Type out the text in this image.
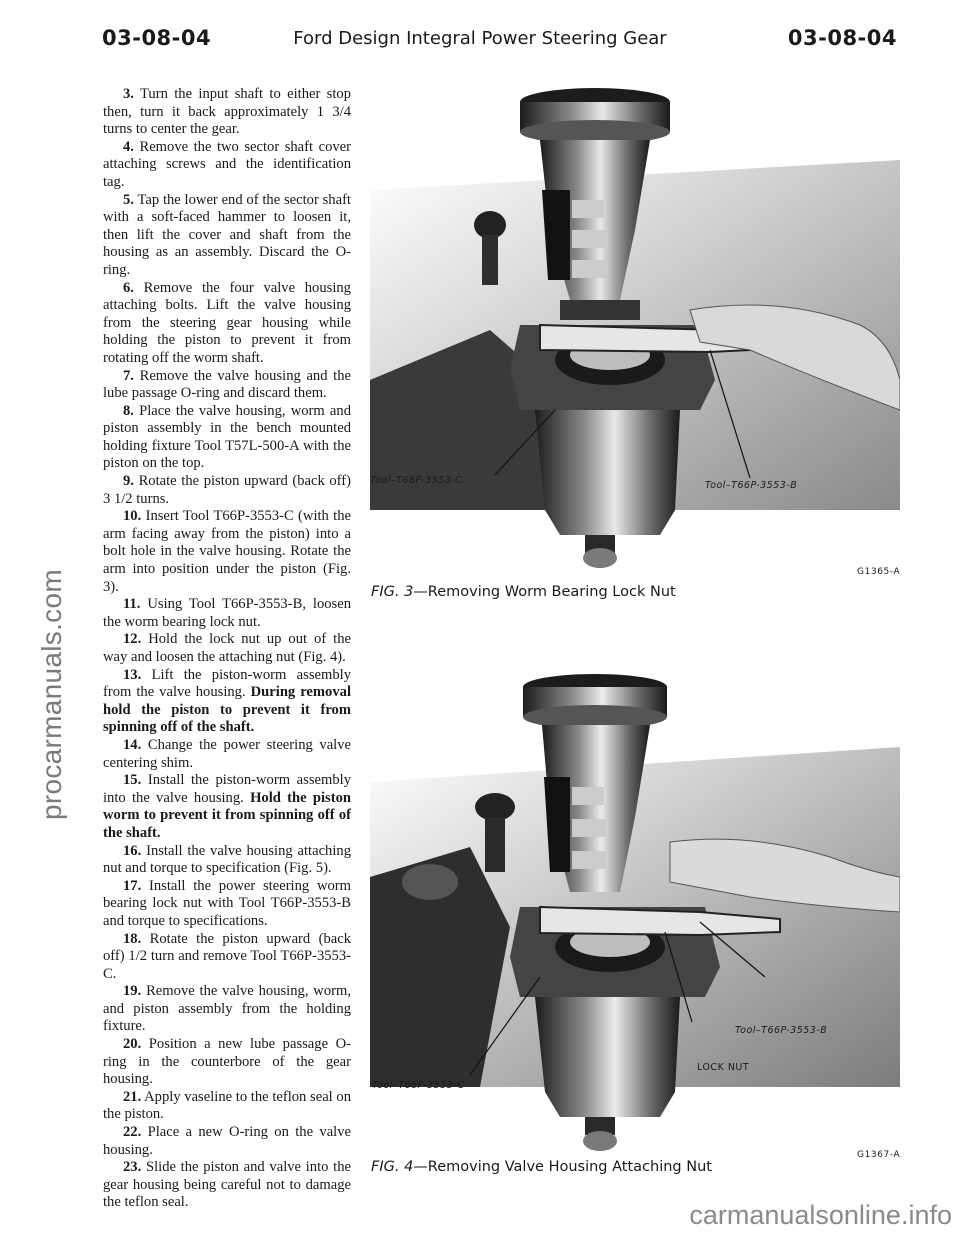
03-08-04	Ford Design Integral Power Steering Gear	03-08-04
procarmanuals.com

3. Turn the input shaft to either stop then, turn it back approximately 1 3/4 turns to center the gear.

4. Remove the two sector shaft cover attaching screws and the identification tag.

5. Tap the lower end of the sector shaft with a soft-faced hammer to loosen it, then lift the cover and shaft from the housing as an assembly. Discard the O-ring.

6. Remove the four valve housing attaching bolts. Lift the valve housing from the steering gear housing while holding the piston to prevent it from rotating off the worm shaft.

7. Remove the valve housing and the lube passage O-ring and discard them.

8. Place the valve housing, worm and piston assembly in the bench mounted holding fixture Tool T57L-500-A with the piston on the top.

9. Rotate the piston upward (back off) 3 1/2 turns.

10. Insert Tool T66P-3553-C (with the arm facing away from the piston) into a bolt hole in the valve housing. Rotate the arm into position under the piston (Fig. 3).

11. Using Tool T66P-3553-B, loosen the worm bearing lock nut.

12. Hold the lock nut up out of the way and loosen the attaching nut (Fig. 4).

13. Lift the piston-worm assembly from the valve housing. During removal hold the piston to prevent it from spinning off of the shaft.

14. Change the power steering valve centering shim.

15. Install the piston-worm assembly into the valve housing. Hold the piston worm to prevent it from spinning off of the shaft.

16. Install the valve housing attaching nut and torque to specification (Fig. 5).

17. Install the power steering worm bearing lock nut with Tool T66P-3553-B and torque to specifications.

18. Rotate the piston upward (back off) 1/2 turn and remove Tool T66P-3553-C.

19. Remove the valve housing, worm, and piston assembly from the holding fixture.

20. Position a new lube passage O-ring in the counterbore of the gear housing.

21. Apply vaseline to the teflon seal on the piston.

22. Place a new O-ring on the valve housing.

23. Slide the piston and valve into the gear housing being careful not to damage the teflon seal.

Tool–T66P-3553-C	Tool–T66P-3553-B
G1365-A
FIG. 3—Removing Worm Bearing Lock Nut
Tool–T66P-3553-B
LOCK NUT
Tool–T66P-3553-C
G1367-A
FIG. 4—Removing Valve Housing Attaching Nut
carmanualsonline.info
